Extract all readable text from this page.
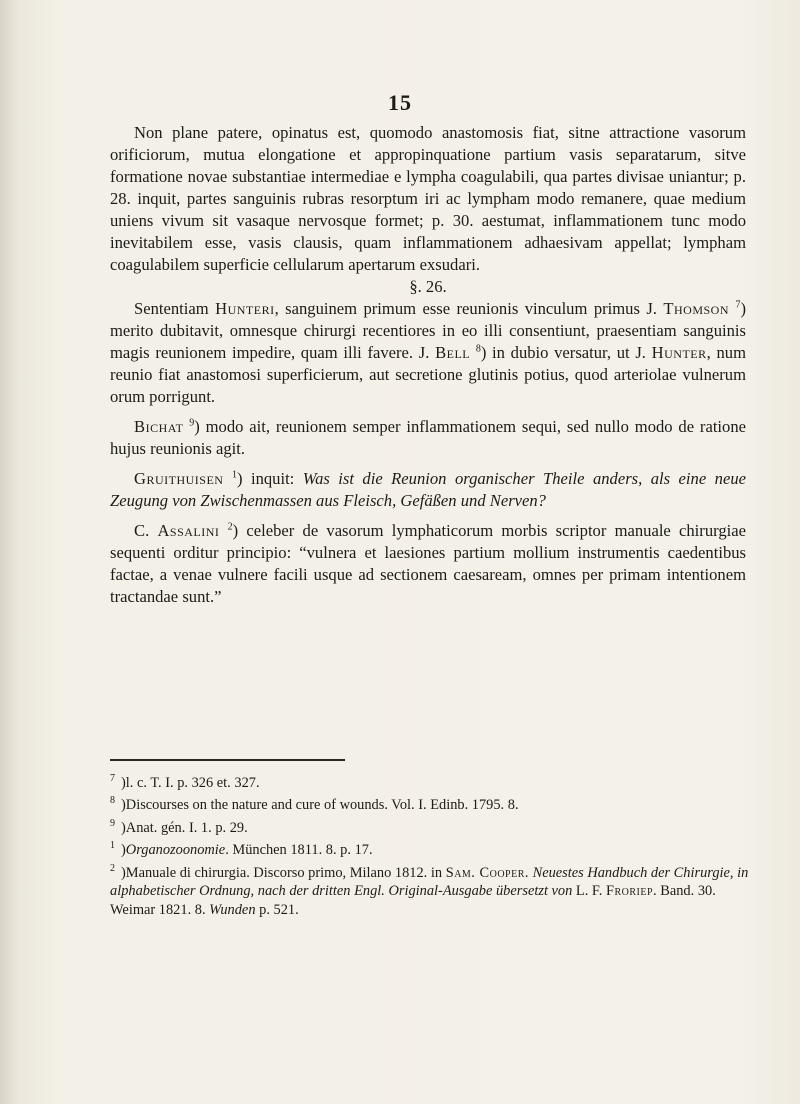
15

Non plane patere, opinatus est, quomodo anastomosis fiat, sitne attractione vasorum orificiorum, mutua elongatione et appropinquatione partium vasis separatarum, sitve formatione novae substantiae intermediae e lympha coagulabili, qua partes divisae uniantur; p. 28. inquit, partes sanguinis rubras resorptum iri ac lympham modo remanere, quae medium uniens vivum sit vasaque nervosque formet; p. 30. aestumat, inflammationem tunc modo inevitabilem esse, vasis clausis, quam inflammationem adhaesivam appellat; lympham coagulabilem superficie cellularum apertarum exsudari.

§. 26.

Sententiam Hunteri, sanguinem primum esse reunionis vinculum primus J. Thomson $^7$) merito dubitavit, omnesque chirurgi recentiores in eo illi consentiunt, praesentiam sanguinis magis reunionem impedire, quam illi favere. J. Bell $^8$) in dubio versatur, ut J. Hunter, num reunio fiat anastomosi superficierum, aut secretione glutinis potius, quod arteriolae vulnerum orum porrigunt.

Bichat $^9$) modo ait, reunionem semper inflammationem sequi, sed nullo modo de ratione hujus reunionis agit.

Gruithuisen $^1$) inquit: Was ist die Reunion organischer Theile anders, als eine neue Zeugung von Zwischenmassen aus Fleisch, Gefäßen und Nerven?

C. Assalini $^2$) celeber de vasorum lymphaticorum morbis scriptor manuale chirurgiae sequenti orditur principio: “vulnera et laesiones partium mollium instrumentis caedentibus factae, a venae vulnere facili usque ad sectionem caesaream, omnes per primam intentionem tractandae sunt.”

$^7$ )l. c. T. I. p. 326 et. 327.

$^8$ )Discourses on the nature and cure of wounds. Vol. I. Edinb. 1795. 8.

$^9$ )Anat. gén. I. 1. p. 29.

$^1$ )Organozoonomie. München 1811. 8. p. 17.

$^2$ )Manuale di chirurgia. Discorso primo, Milano 1812. in Sam. Cooper. Neuestes Handbuch der Chirurgie, in alphabetischer Ordnung, nach der dritten Engl. Original-Ausgabe übersetzt von L. F. Froriep. Band. 30. Weimar 1821. 8. Wunden p. 521.
